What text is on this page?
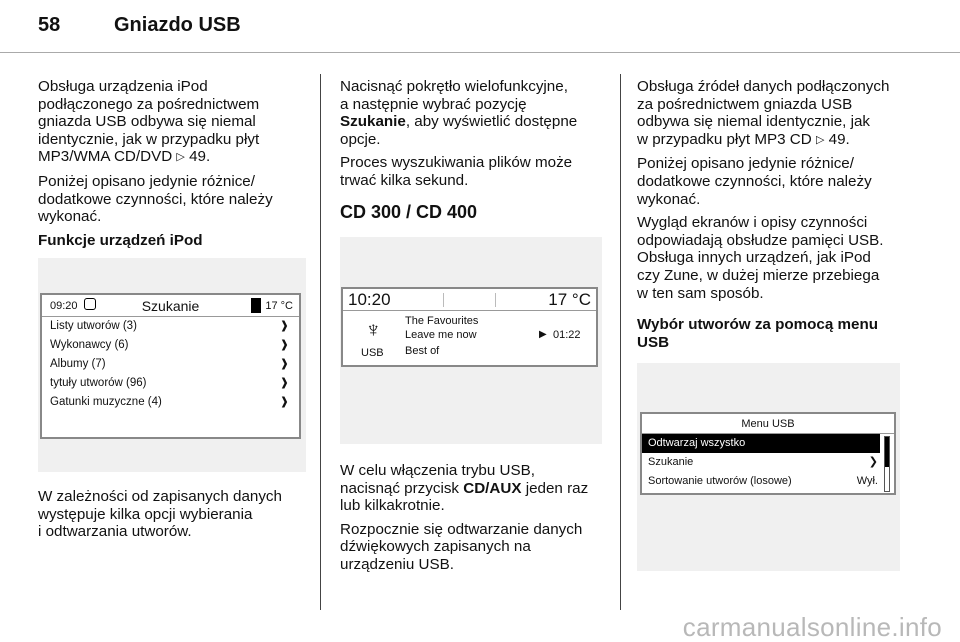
58	Gniazdo USB

Obsługa urządzenia iPod
podłączonego za pośrednictwem
gniazda USB odbywa się niemal
identycznie, jak w przypadku płyt
MP3/WMA CD/DVD ▷ 49.

Poniżej opisano jedynie różnice/
dodatkowe czynności, które należy
wykonać.

Funkcje urządzeń iPod
09:20	Szukanie	17 °C
Listy utworów (3)	❱
Wykonawcy (6)	❱
Albumy (7)	❱
tytuły utworów (96)	❱
Gatunki muzyczne (4)	❱

W zależności od zapisanych danych
występuje kilka opcji wybierania
i odtwarzania utworów.

Nacisnąć pokrętło wielofunkcyjne,
a następnie wybrać pozycję
Szukanie, aby wyświetlić dostępne
opcje.

Proces wyszukiwania plików może
trwać kilka sekund.

CD 300 / CD 400
10:20	17 °C
♆
USB
The Favourites
Leave me now
Best of
▶ 01:22

W celu włączenia trybu USB,
nacisnąć przycisk CD/AUX jeden raz
lub kilkakrotnie.

Rozpocznie się odtwarzanie danych
dźwiękowych zapisanych na
urządzeniu USB.

Obsługa źródeł danych podłączonych
za pośrednictwem gniazda USB
odbywa się niemal identycznie, jak
w przypadku płyt MP3 CD ▷ 49.

Poniżej opisano jedynie różnice/
dodatkowe czynności, które należy
wykonać.

Wygląd ekranów i opisy czynności
odpowiadają obsłudze pamięci USB.
Obsługa innych urządzeń, jak iPod
czy Zune, w dużej mierze przebiega
w ten sam sposób.

Wybór utworów za pomocą menu
USB
Menu USB
Odtwarzaj wszystko
Szukanie	❯
Sortowanie utworów (losowe)	Wył.
carmanualsonline.info
